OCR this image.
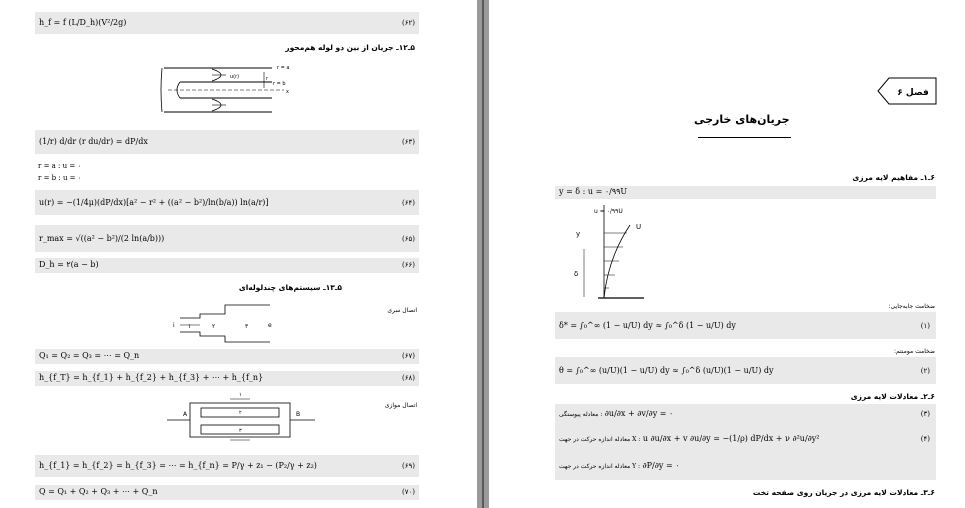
h_f = f (L/D_h)(V²/2g)	(۶۲)
۵ـ۱۲ـ جریان از بین دو لوله هم‌محور
r = a
r = b
r
u(r)
x
(1/r) d/dr (r du/dr) = dP/dx	(۶۳)
r = a : u = ۰
r = b : u = ۰
u(r) = −(1/4μ)(dP/dx)[a² − r² + ((a² − b²)/ln(b/a)) ln(a/r)]	(۶۴)
r_max = √((a² − b²)/(2 ln(a/b)))	(۶۵)
D_h = ۲(a − b)	(۶۶)
۵ـ۱۳ـ سیستم‌های چندلوله‌ای
اتصال سری
i ۱	۲	۳	e
Q₁ = Q₂ = Q₃ = ⋯ = Q_n	(۶۷)
h_{f_T} = h_{f_1} + h_{f_2} + h_{f_3} + ⋯ + h_{f_n}	(۶۸)
اتصال موازی
۱
۲
۳
A	B
h_{f_1} = h_{f_2} = h_{f_3} = ⋯ = h_{f_n} = P/γ + z₁ − (P₂/γ + z₂)	(۶۹)
Q = Q₁ + Q₂ + Q₃ + ⋯ + Q_n	(۷۰)
فصل ۶
جریان‌های خارجی
۶ـ۱ـ مفاهیم لایه مرزی
y = δ : u = ۰/۹۹U
u = ۰/۹۹U
U
y
δ
ضخامت جابه‌جایی:
δ* = ∫₀^∞ (1 − u/U) dy ≈ ∫₀^δ (1 − u/U) dy	(۱)
ضخامت مومنتم:
θ = ∫₀^∞ (u/U)(1 − u/U) dy ≈ ∫₀^δ (u/U)(1 − u/U) dy	(۲)
۶ـ۲ـ معادلات لایه مرزی
معادله پیوستگی : ∂u/∂x + ∂v/∂y = ۰	(۳)
معادله اندازه حرکت در جهت X : u ∂u/∂x + v ∂u/∂y = −(1/ρ) dP/dx + ν ∂²u/∂y²	(۴)
معادله اندازه حرکت در جهت Y : ∂P/∂y = ۰
۶ـ۳ـ معادلات لایه مرزی در جریان روی صفحه تخت
